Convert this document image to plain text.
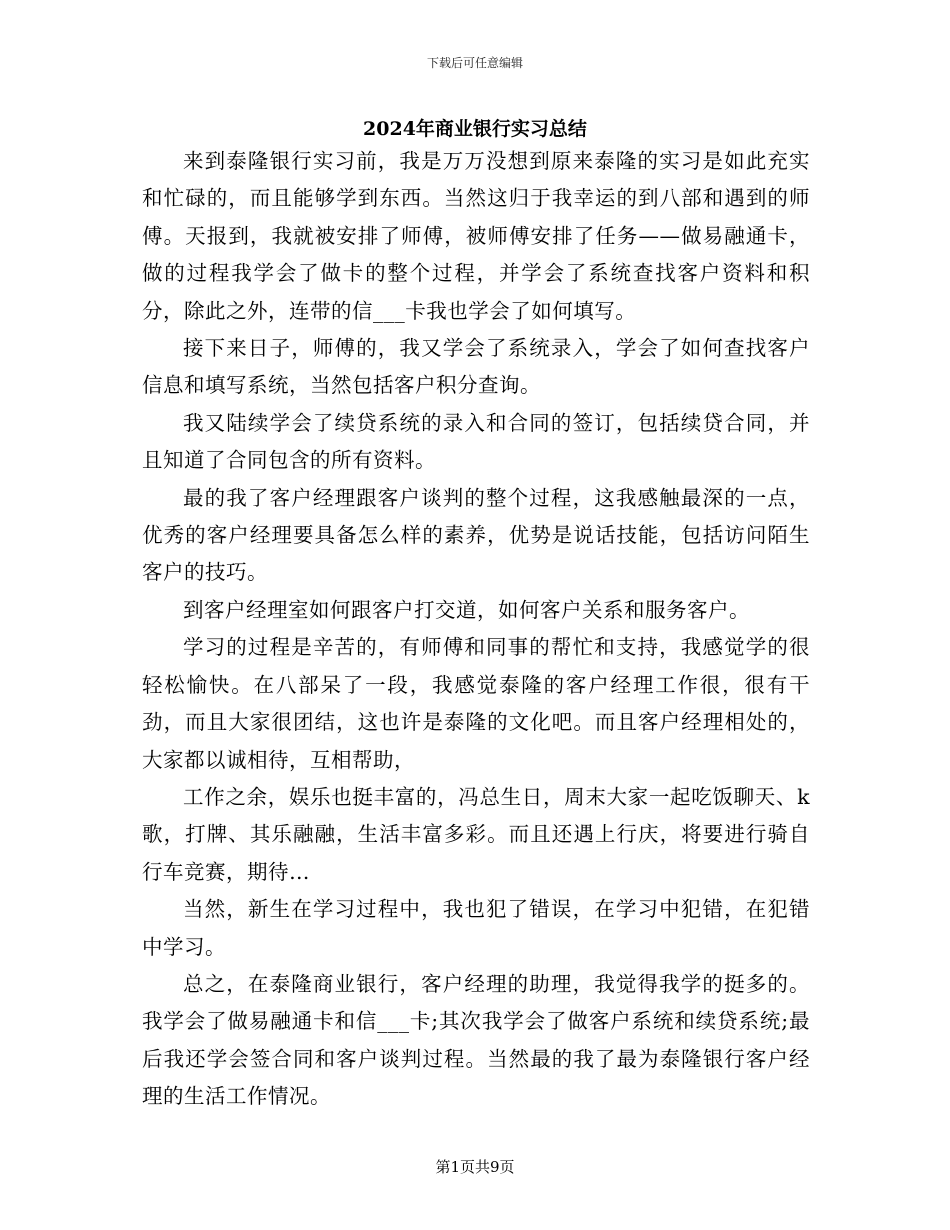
下载后可任意编辑
2024年商业银行实习总结

来到泰隆银行实习前，我是万万没想到原来泰隆的实习是如此充实和忙碌的，而且能够学到东西。当然这归于我幸运的到八部和遇到的师傅。天报到，我就被安排了师傅，被师傅安排了任务——做易融通卡，做的过程我学会了做卡的整个过程，并学会了系统查找客户资料和积分，除此之外，连带的信___卡我也学会了如何填写。

接下来日子，师傅的，我又学会了系统录入，学会了如何查找客户信息和填写系统，当然包括客户积分查询。

我又陆续学会了续贷系统的录入和合同的签订，包括续贷合同，并且知道了合同包含的所有资料。

最的我了客户经理跟客户谈判的整个过程，这我感触最深的一点，优秀的客户经理要具备怎么样的素养，优势是说话技能，包括访问陌生客户的技巧。

到客户经理室如何跟客户打交道，如何客户关系和服务客户。

学习的过程是辛苦的，有师傅和同事的帮忙和支持，我感觉学的很轻松愉快。在八部呆了一段，我感觉泰隆的客户经理工作很，很有干劲，而且大家很团结，这也许是泰隆的文化吧。而且客户经理相处的，大家都以诚相待，互相帮助，

工作之余，娱乐也挺丰富的，冯总生日，周末大家一起吃饭聊天、k歌，打牌、其乐融融，生活丰富多彩。而且还遇上行庆，将要进行骑自行车竞赛，期待…

当然，新生在学习过程中，我也犯了错误，在学习中犯错，在犯错中学习。

总之，在泰隆商业银行，客户经理的助理，我觉得我学的挺多的。我学会了做易融通卡和信___卡;其次我学会了做客户系统和续贷系统;最后我还学会签合同和客户谈判过程。当然最的我了最为泰隆银行客户经理的生活工作情况。

第1页共9页
